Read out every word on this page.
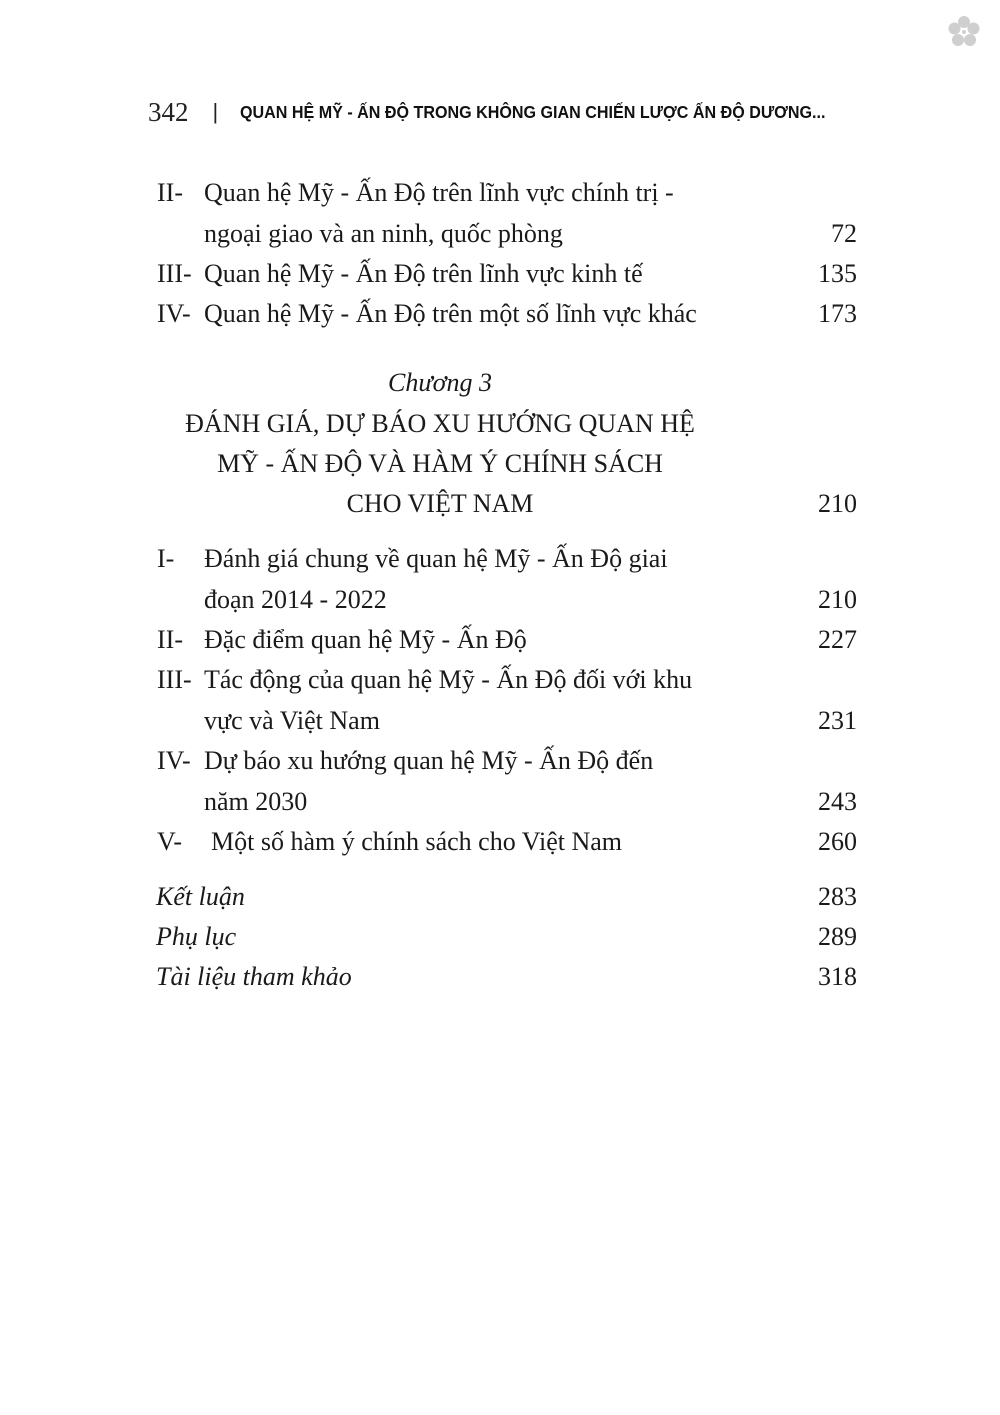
342 | QUAN HỆ MỸ - ẤN ĐỘ TRONG KHÔNG GIAN CHIẾN LƯỢC ẤN ĐỘ DƯƠNG...
II- Quan hệ Mỹ - Ấn Độ trên lĩnh vực chính trị -
ngoại giao và an ninh, quốc phòng	72
III- Quan hệ Mỹ - Ấn Độ trên lĩnh vực kinh tế	135
IV- Quan hệ Mỹ - Ấn Độ trên một số lĩnh vực khác	173
Chương 3
ĐÁNH GIÁ, DỰ BÁO XU HƯỚNG QUAN HỆ
MỸ - ẤN ĐỘ VÀ HÀM Ý CHÍNH SÁCH
CHO VIỆT NAM	210
I- Đánh giá chung về quan hệ Mỹ - Ấn Độ giai
đoạn 2014 - 2022	210
II- Đặc điểm quan hệ Mỹ - Ấn Độ	227
III- Tác động của quan hệ Mỹ - Ấn Độ đối với khu
vực và Việt Nam	231
IV- Dự báo xu hướng quan hệ Mỹ - Ấn Độ đến
năm 2030	243
V- Một số hàm ý chính sách cho Việt Nam	260
Kết luận	283
Phụ lục	289
Tài liệu tham khảo	318
